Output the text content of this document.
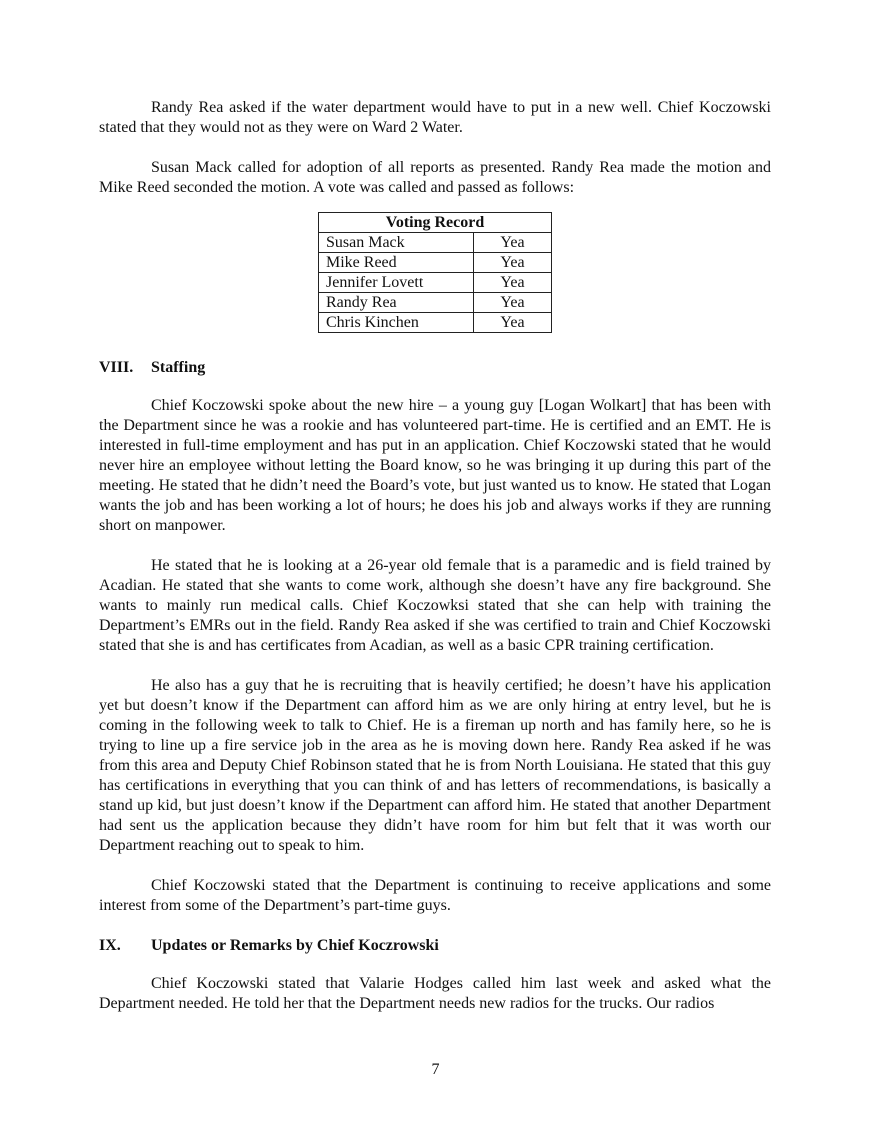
Randy Rea asked if the water department would have to put in a new well. Chief Koczowski stated that they would not as they were on Ward 2 Water.

Susan Mack called for adoption of all reports as presented. Randy Rea made the motion and Mike Reed seconded the motion. A vote was called and passed as follows:

Voting Record	
Susan Mack	Yea
Mike Reed	Yea
Jennifer Lovett	Yea
Randy Rea	Yea
Chris Kinchen	Yea
VIII.	Staffing

Chief Koczowski spoke about the new hire – a young guy [Logan Wolkart] that has been with the Department since he was a rookie and has volunteered part-time. He is certified and an EMT. He is interested in full-time employment and has put in an application. Chief Koczowski stated that he would never hire an employee without letting the Board know, so he was bringing it up during this part of the meeting. He stated that he didn’t need the Board’s vote, but just wanted us to know. He stated that Logan wants the job and has been working a lot of hours; he does his job and always works if they are running short on manpower.

He stated that he is looking at a 26-year old female that is a paramedic and is field trained by Acadian. He stated that she wants to come work, although she doesn’t have any fire background. She wants to mainly run medical calls. Chief Koczowksi stated that she can help with training the Department’s EMRs out in the field. Randy Rea asked if she was certified to train and Chief Koczowski stated that she is and has certificates from Acadian, as well as a basic CPR training certification.

He also has a guy that he is recruiting that is heavily certified; he doesn’t have his application yet but doesn’t know if the Department can afford him as we are only hiring at entry level, but he is coming in the following week to talk to Chief. He is a fireman up north and has family here, so he is trying to line up a fire service job in the area as he is moving down here. Randy Rea asked if he was from this area and Deputy Chief Robinson stated that he is from North Louisiana. He stated that this guy has certifications in everything that you can think of and has letters of recommendations, is basically a stand up kid, but just doesn’t know if the Department can afford him. He stated that another Department had sent us the application because they didn’t have room for him but felt that it was worth our Department reaching out to speak to him.

Chief Koczowski stated that the Department is continuing to receive applications and some interest from some of the Department’s part-time guys.

IX.	Updates or Remarks by Chief Koczrowski

Chief Koczowski stated that Valarie Hodges called him last week and asked what the Department needed. He told her that the Department needs new radios for the trucks. Our radios

7
